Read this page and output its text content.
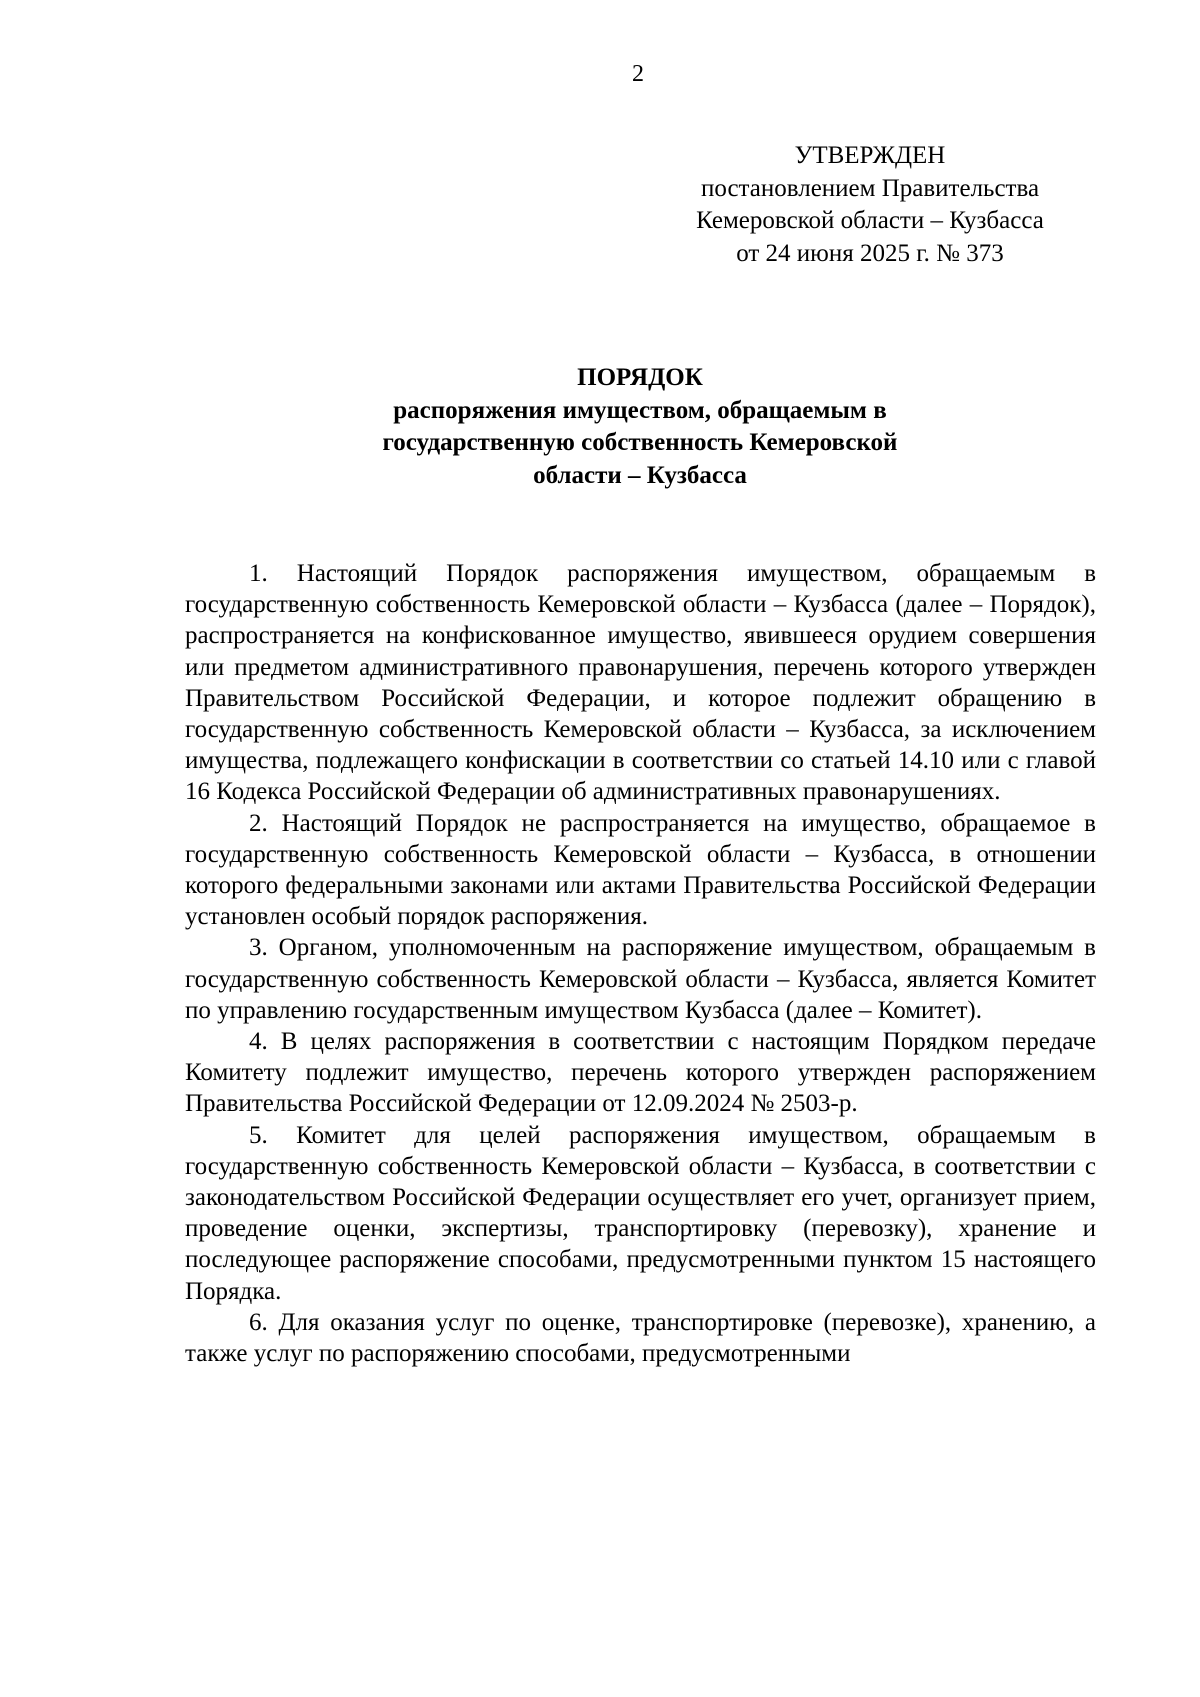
2
УТВЕРЖДЕН
постановлением Правительства
Кемеровской области – Кузбасса
от 24 июня 2025 г. № 373
ПОРЯДОК
распоряжения имуществом, обращаемым в
государственную собственность Кемеровской
области – Кузбасса

1. Настоящий Порядок распоряжения имуществом, обращаемым в государственную собственность Кемеровской области – Кузбасса (далее – Порядок), распространяется на конфискованное имущество, явившееся орудием совершения или предметом административного правонарушения, перечень которого утвержден Правительством Российской Федерации, и которое подлежит обращению в государственную собственность Кемеровской области – Кузбасса, за исключением имущества, подлежащего конфискации в соответствии со статьей 14.10 или с главой 16 Кодекса Российской Федерации об административных правонарушениях.

2. Настоящий Порядок не распространяется на имущество, обращаемое в государственную собственность Кемеровской области – Кузбасса, в отношении которого федеральными законами или актами Правительства Российской Федерации установлен особый порядок распоряжения.

3. Органом, уполномоченным на распоряжение имуществом, обращаемым в государственную собственность Кемеровской области – Кузбасса, является Комитет по управлению государственным имуществом Кузбасса (далее – Комитет).

4. В целях распоряжения в соответствии с настоящим Порядком передаче Комитету подлежит имущество, перечень которого утвержден распоряжением Правительства Российской Федерации от 12.09.2024 № 2503-р.

5. Комитет для целей распоряжения имуществом, обращаемым в государственную собственность Кемеровской области – Кузбасса, в соответствии с законодательством Российской Федерации осуществляет его учет, организует прием, проведение оценки, экспертизы, транспортировку (перевозку), хранение и последующее распоряжение способами, предусмотренными пунктом 15 настоящего Порядка.

6. Для оказания услуг по оценке, транспортировке (перевозке), хранению, а также услуг по распоряжению способами, предусмотренными
